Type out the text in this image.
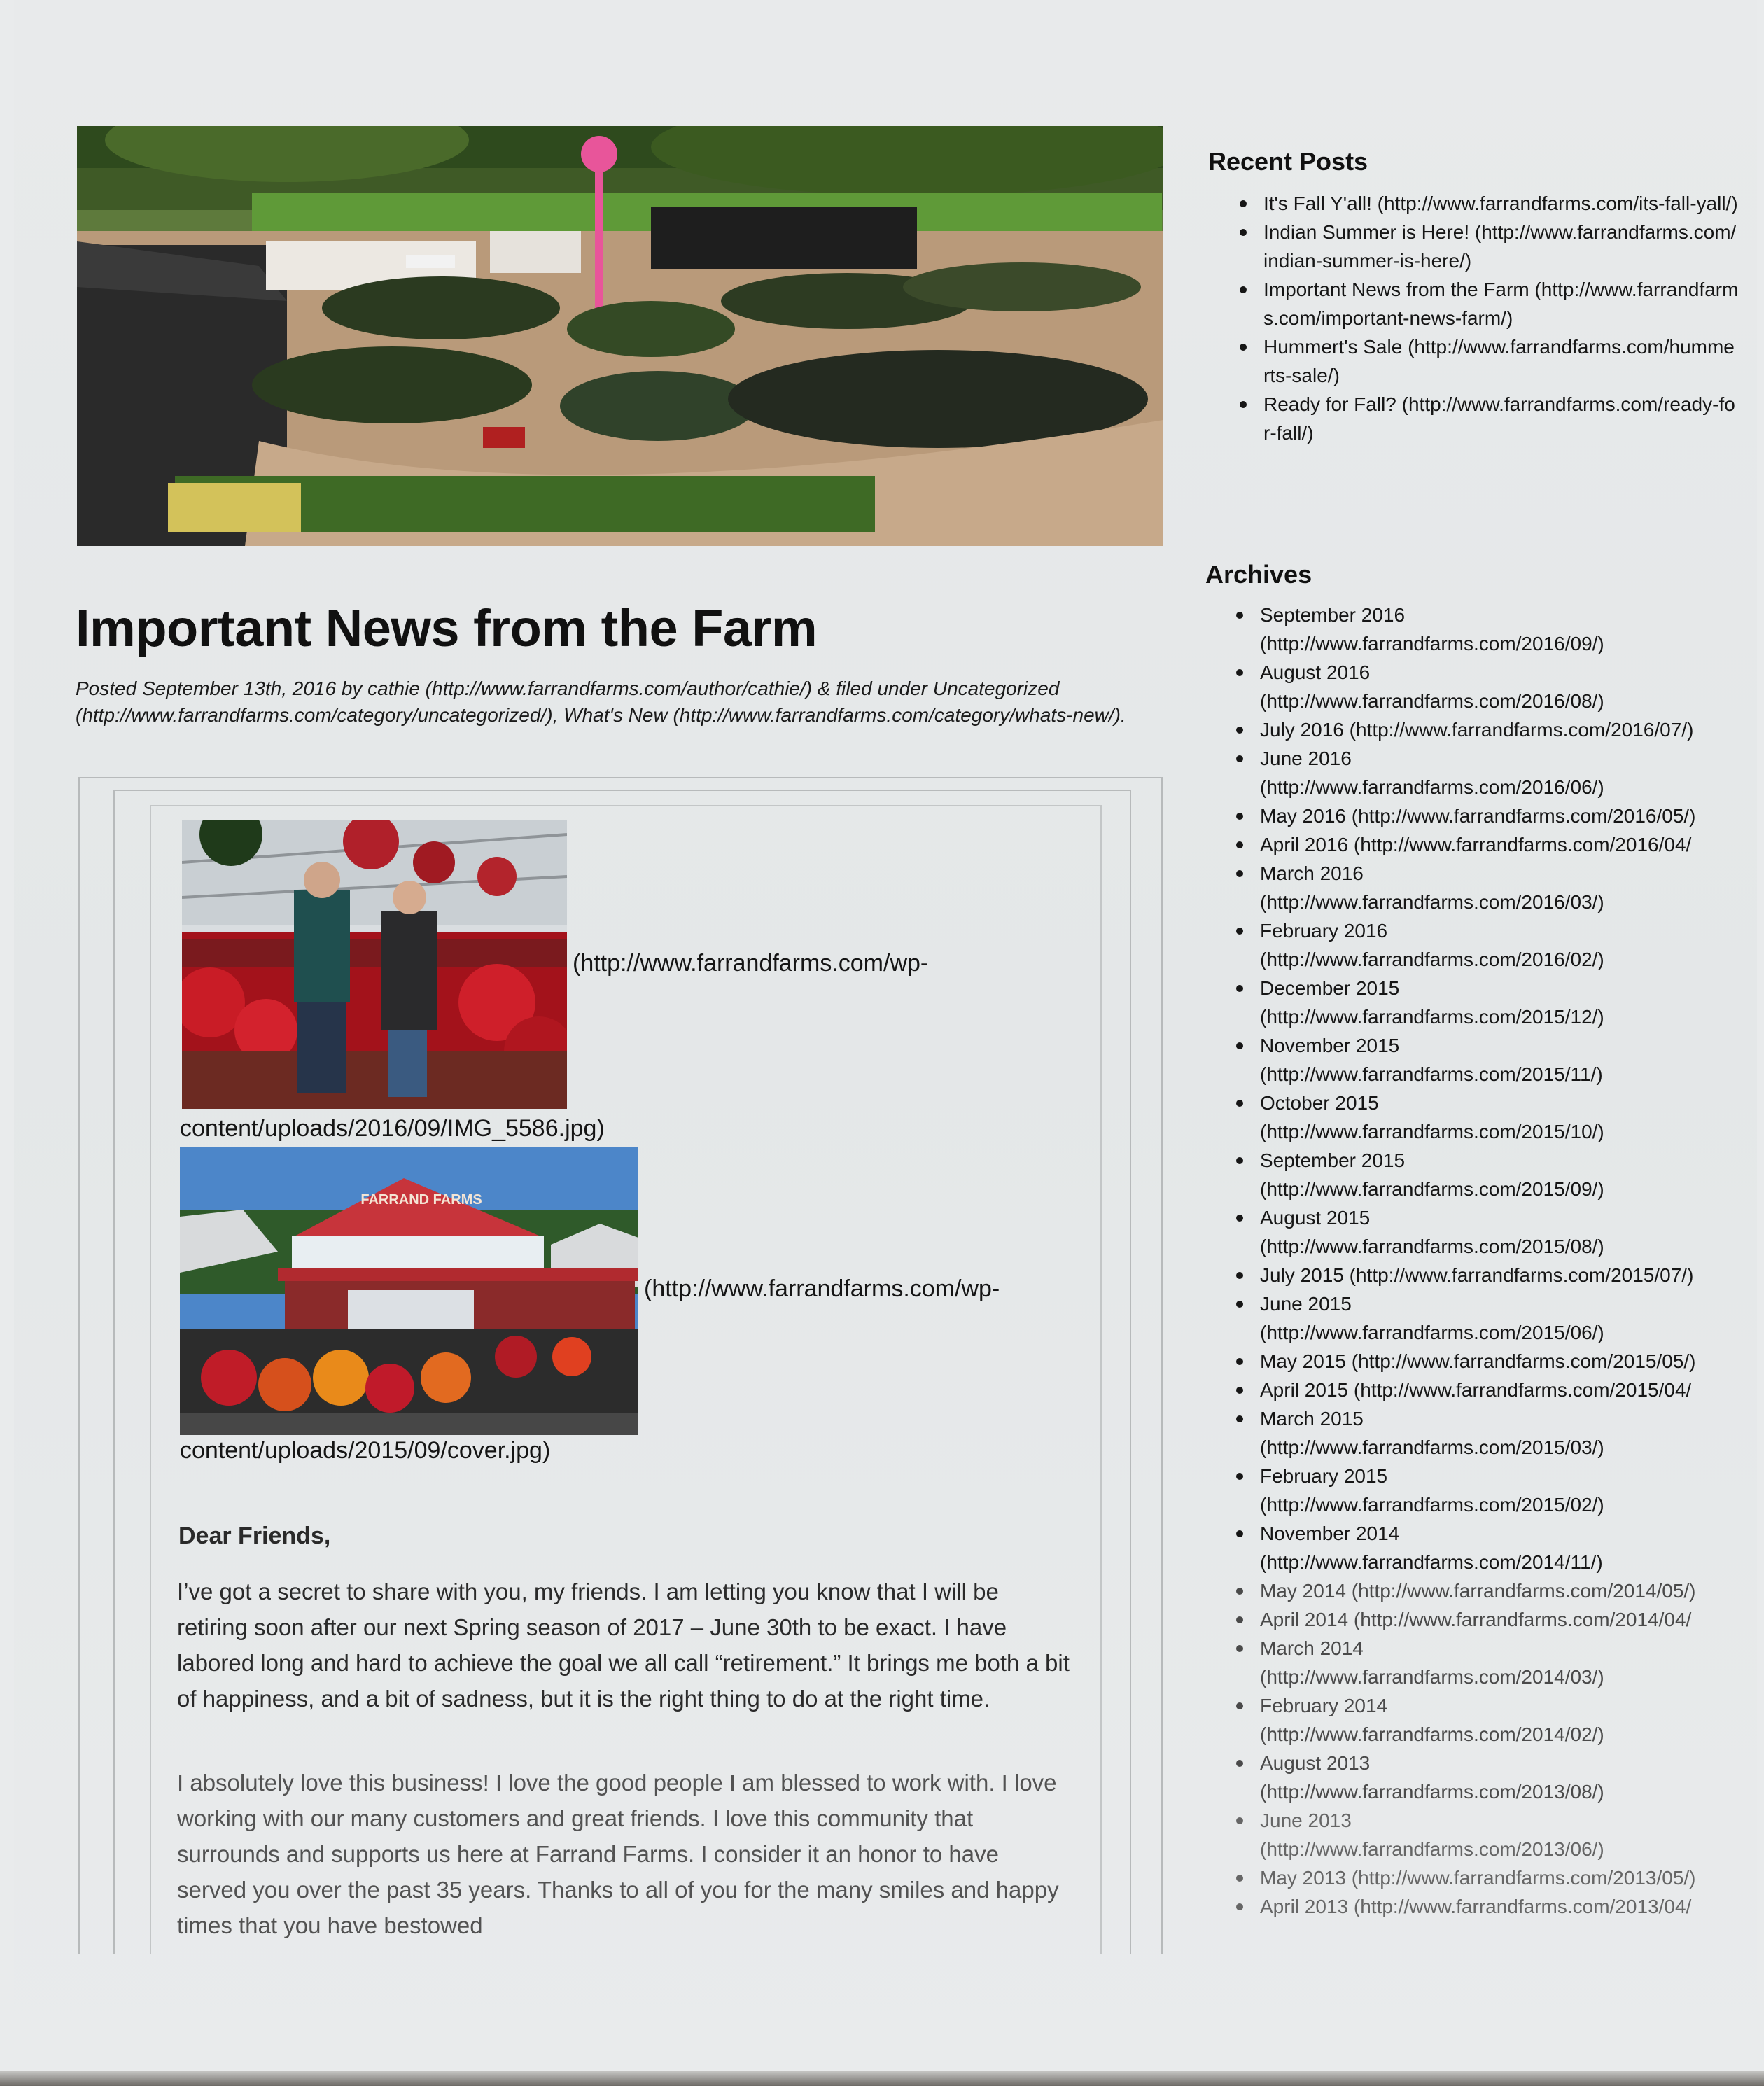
Important News from the Farm
Posted September 13th, 2016 by cathie (http://www.farrandfarms.com/author/cathie/) & filed under Uncategorized (http://www.farrandfarms.com/category/uncategorized/), What's New (http://www.farrandfarms.com/category/whats-new/).
(http://www.farrandfarms.com/wp-
content/uploads/2016/09/IMG_5586.jpg)
FARRAND FARMS
(http://www.farrandfarms.com/wp-
content/uploads/2015/09/cover.jpg)
Dear Friends,

I’ve got a secret to share with you, my friends. I am letting you know that I will be retiring soon after our next Spring season of 2017 – June 30th to be exact. I have labored long and hard to achieve the goal we all call “retirement.” It brings me both a bit of happiness, and a bit of sadness, but it is the right thing to do at the right time.

I absolutely love this business! I love the good people I am blessed to work with. I love working with our many customers and great friends. I love this community that surrounds and supports us here at Farrand Farms. I consider it an honor to have served you over the past 35 years. Thanks to all of you for the many smiles and happy times that you have bestowed

Recent Posts
It's Fall Y'all! (http://www.farrandfarms.com/its-fall-yall/)
Indian Summer is Here! (http://www.farrandfarms.com/indian-summer-is-here/)
Important News from the Farm (http://www.farrandfarms.com/important-news-farm/)
Hummert's Sale (http://www.farrandfarms.com/hummerts-sale/)
Ready for Fall? (http://www.farrandfarms.com/ready-for-fall/)
Archives
September 2016
(http://www.farrandfarms.com/2016/09/)
August 2016
(http://www.farrandfarms.com/2016/08/)
July 2016 (http://www.farrandfarms.com/2016/07/)
June 2016
(http://www.farrandfarms.com/2016/06/)
May 2016 (http://www.farrandfarms.com/2016/05/)
April 2016 (http://www.farrandfarms.com/2016/04/
March 2016
(http://www.farrandfarms.com/2016/03/)
February 2016
(http://www.farrandfarms.com/2016/02/)
December 2015
(http://www.farrandfarms.com/2015/12/)
November 2015
(http://www.farrandfarms.com/2015/11/)
October 2015
(http://www.farrandfarms.com/2015/10/)
September 2015
(http://www.farrandfarms.com/2015/09/)
August 2015
(http://www.farrandfarms.com/2015/08/)
July 2015 (http://www.farrandfarms.com/2015/07/)
June 2015
(http://www.farrandfarms.com/2015/06/)
May 2015 (http://www.farrandfarms.com/2015/05/)
April 2015 (http://www.farrandfarms.com/2015/04/
March 2015
(http://www.farrandfarms.com/2015/03/)
February 2015
(http://www.farrandfarms.com/2015/02/)
November 2014
(http://www.farrandfarms.com/2014/11/)
May 2014 (http://www.farrandfarms.com/2014/05/)
April 2014 (http://www.farrandfarms.com/2014/04/
March 2014
(http://www.farrandfarms.com/2014/03/)
February 2014
(http://www.farrandfarms.com/2014/02/)
August 2013
(http://www.farrandfarms.com/2013/08/)
June 2013
(http://www.farrandfarms.com/2013/06/)
May 2013 (http://www.farrandfarms.com/2013/05/)
April 2013 (http://www.farrandfarms.com/2013/04/
